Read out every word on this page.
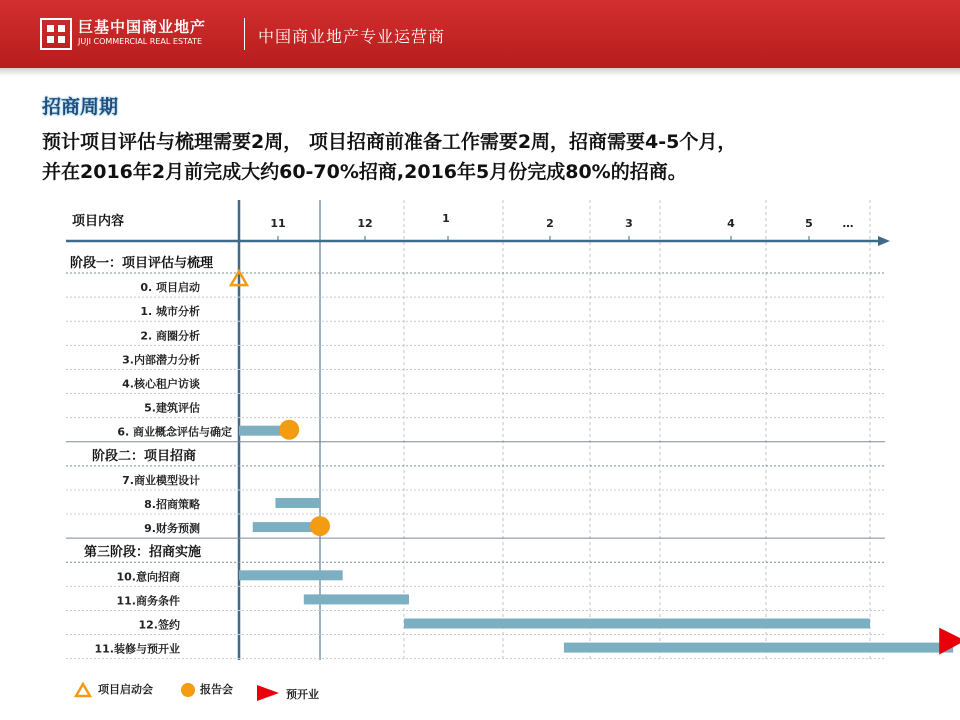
巨基中国商业地产
JUJI COMMERCIAL REAL ESTATE	中国商业地产专业运营商
招商周期
预计项目评估与梳理需要2周， 项目招商前准备工作需要2周，招商需要4-5个月，
并在2016年2月前完成大约60-70%招商,2016年5月份完成80%的招商。
项目内容	11	12	1	2	3	4	5	…
阶段一：项目评估与梳理
0. 项目启动
1. 城市分析
2. 商圈分析
3.内部潜力分析
4.核心租户访谈
5.建筑评估
6. 商业概念评估与确定
阶段二：项目招商
7.商业模型设计
8.招商策略
9.财务预测
第三阶段：招商实施
10.意向招商
11.商务条件
12.签约
11.装修与预开业
项目启动会	报告会	预开业
